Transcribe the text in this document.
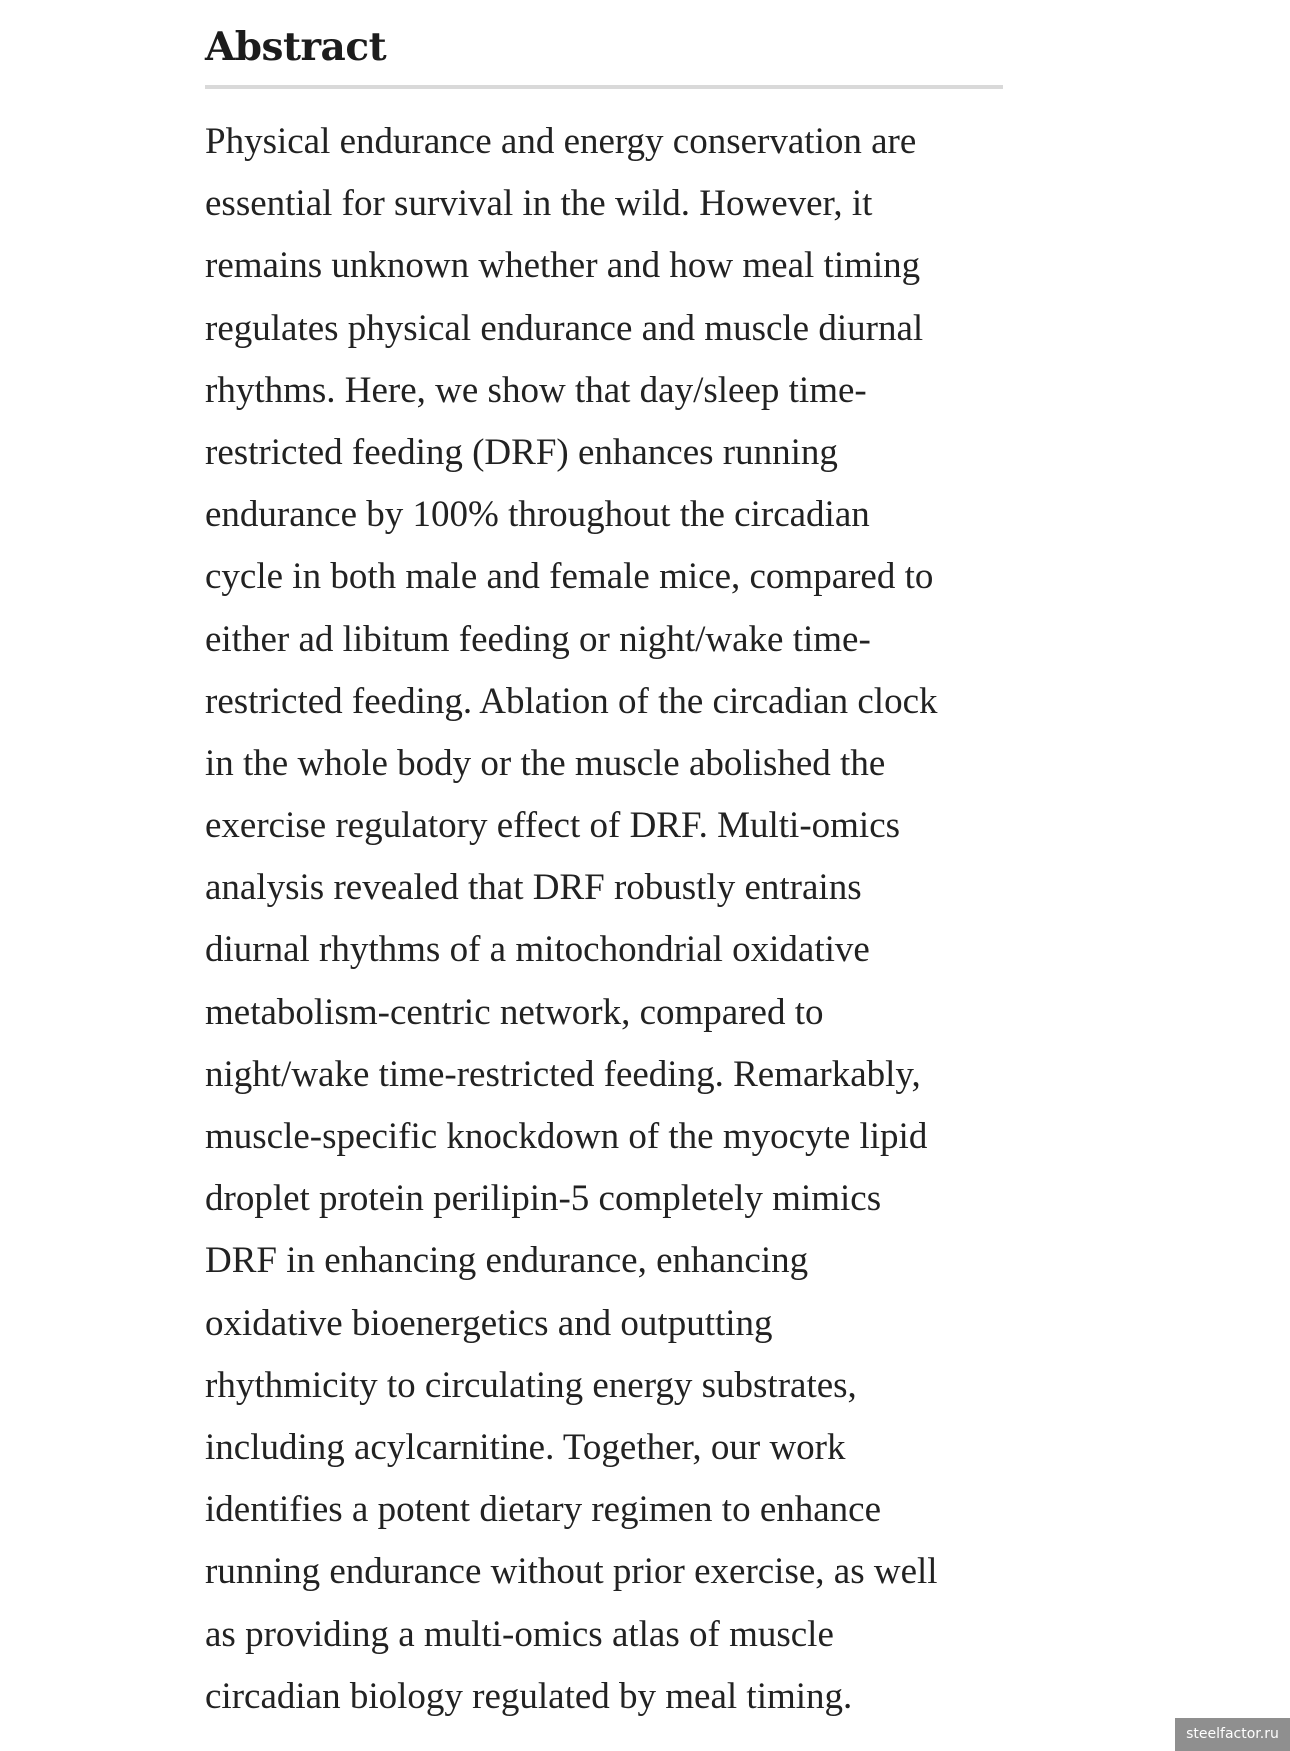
Abstract
Physical endurance and energy conservation are
essential for survival in the wild. However, it
remains unknown whether and how meal timing
regulates physical endurance and muscle diurnal
rhythms. Here, we show that day/sleep time-
restricted feeding (DRF) enhances running
endurance by 100% throughout the circadian
cycle in both male and female mice, compared to
either ad libitum feeding or night/wake time-
restricted feeding. Ablation of the circadian clock
in the whole body or the muscle abolished the
exercise regulatory effect of DRF. Multi-omics
analysis revealed that DRF robustly entrains
diurnal rhythms of a mitochondrial oxidative
metabolism-centric network, compared to
night/wake time-restricted feeding. Remarkably,
muscle-specific knockdown of the myocyte lipid
droplet protein perilipin-5 completely mimics
DRF in enhancing endurance, enhancing
oxidative bioenergetics and outputting
rhythmicity to circulating energy substrates,
including acylcarnitine. Together, our work
identifies a potent dietary regimen to enhance
running endurance without prior exercise, as well
as providing a multi-omics atlas of muscle
circadian biology regulated by meal timing.
steelfactor.ru
